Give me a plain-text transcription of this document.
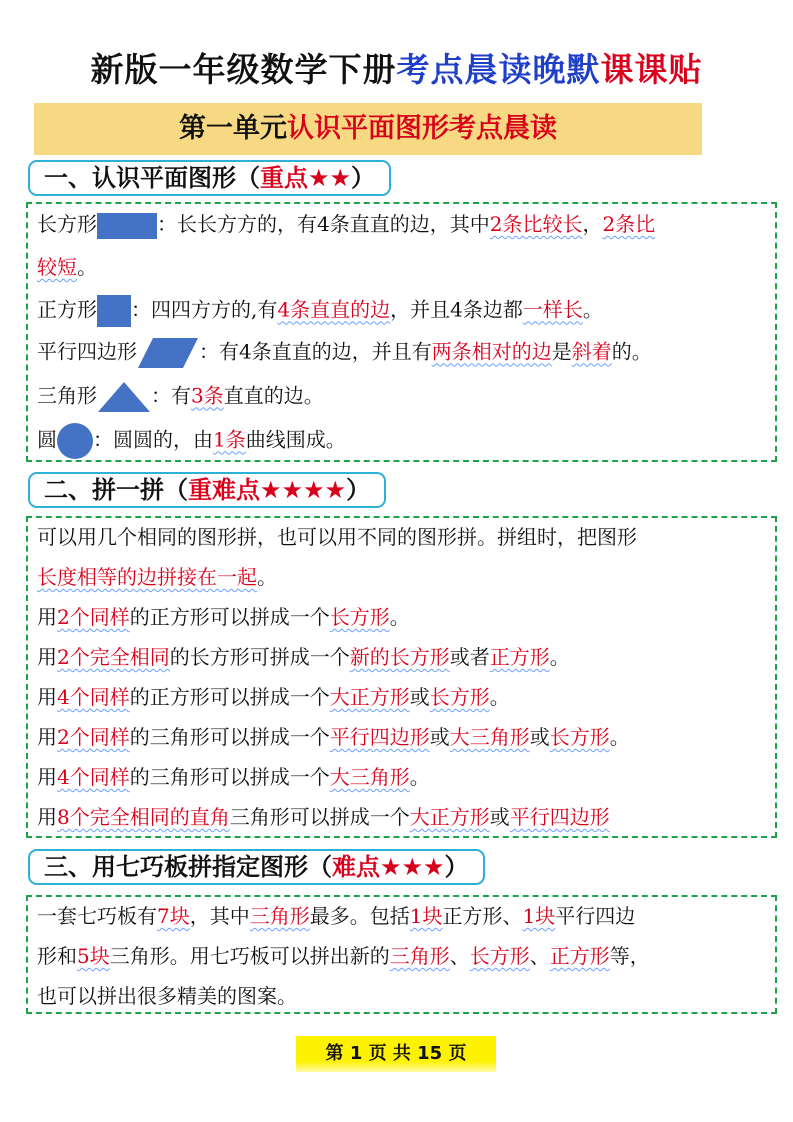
新版一年级数学下册考点晨读晚默课课贴
第一单元认识平面图形考点晨读
一、认识平面图形（重点★★）
长方形	：长长方方的，有4条直直的边，其中2条比较长，2条比
较短。
正方形 ：四四方方的,有4条直直的边，并且4条边都一样长。
平行四边形	：有4条直直的边，并且有两条相对的边是斜着的。
三角形	：有3条直直的边。
圆 ：圆圆的，由1条曲线围成。
二、拼一拼（重难点★★★★）
可以用几个相同的图形拼，也可以用不同的图形拼。拼组时，把图形
长度相等的边拼接在一起。
用2个同样的正方形可以拼成一个长方形。
用2个完全相同的长方形可拼成一个新的长方形或者正方形。
用4个同样的正方形可以拼成一个大正方形或长方形。
用2个同样的三角形可以拼成一个平行四边形或大三角形或长方形。
用4个同样的三角形可以拼成一个大三角形。
用8个完全相同的直角三角形可以拼成一个大正方形或平行四边形
三、用七巧板拼指定图形（难点★★★）
一套七巧板有7块，其中三角形最多。包括1块正方形、1块平行四边
形和5块三角形。用七巧板可以拼出新的三角形、长方形、正方形等，
也可以拼出很多精美的图案。
第 1 页 共 15 页
